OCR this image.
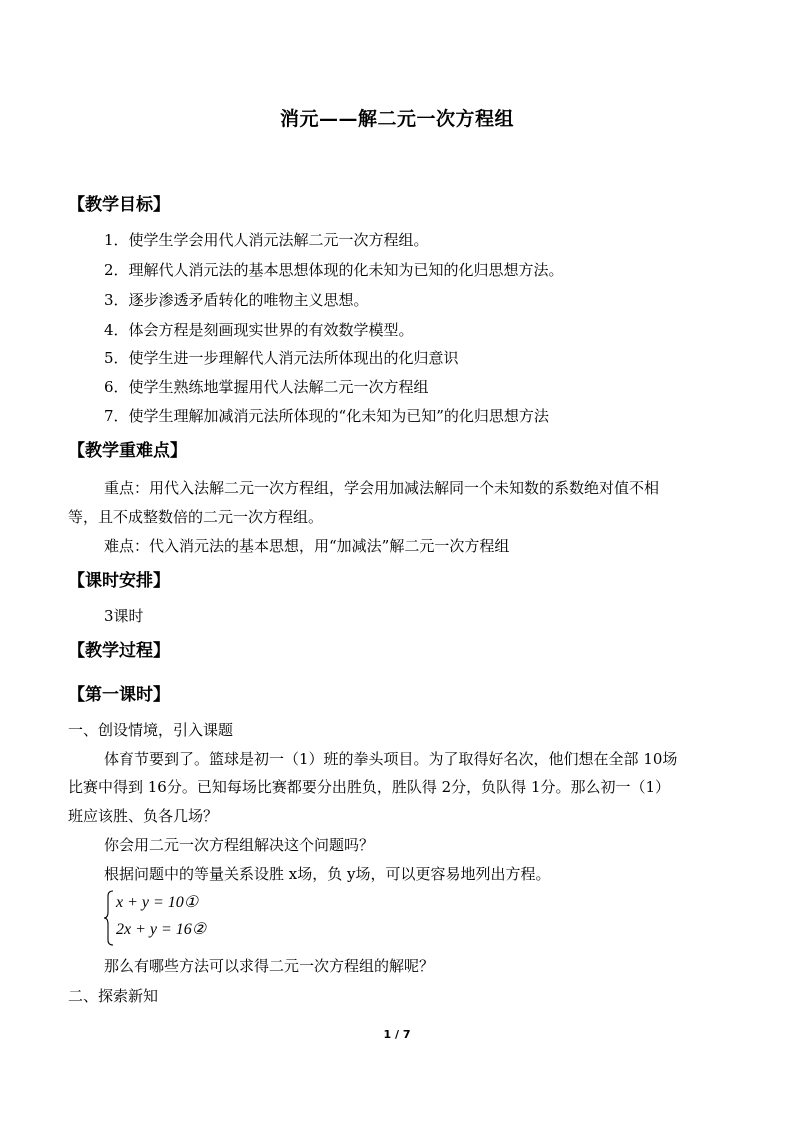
消元——解二元一次方程组
【教学目标】
1．使学生学会用代人消元法解二元一次方程组。
2．理解代人消元法的基本思想体现的化未知为已知的化归思想方法。
3．逐步渗透矛盾转化的唯物主义思想。
4．体会方程是刻画现实世界的有效数学模型。
5．使学生进一步理解代人消元法所体现出的化归意识
6．使学生熟练地掌握用代人法解二元一次方程组
7．使学生理解加减消元法所体现的“化未知为已知”的化归思想方法
【教学重难点】
重点：用代入法解二元一次方程组，学会用加减法解同一个未知数的系数绝对值不相
等，且不成整数倍的二元一次方程组。
难点：代入消元法的基本思想，用“加减法”解二元一次方程组
【课时安排】
3课时
【教学过程】
【第一课时】
一、创设情境，引入课题
体育节要到了。篮球是初一（1）班的拳头项目。为了取得好名次，他们想在全部 10场
比赛中得到 16分。已知每场比赛都要分出胜负，胜队得 2分，负队得 1分。那么初一（1）
班应该胜、负各几场？
你会用二元一次方程组解决这个问题吗？
根据问题中的等量关系设胜 x场，负 y场，可以更容易地列出方程。
x + y = 10①
2x + y = 16②
那么有哪些方法可以求得二元一次方程组的解呢？
二、探索新知
1 / 7
